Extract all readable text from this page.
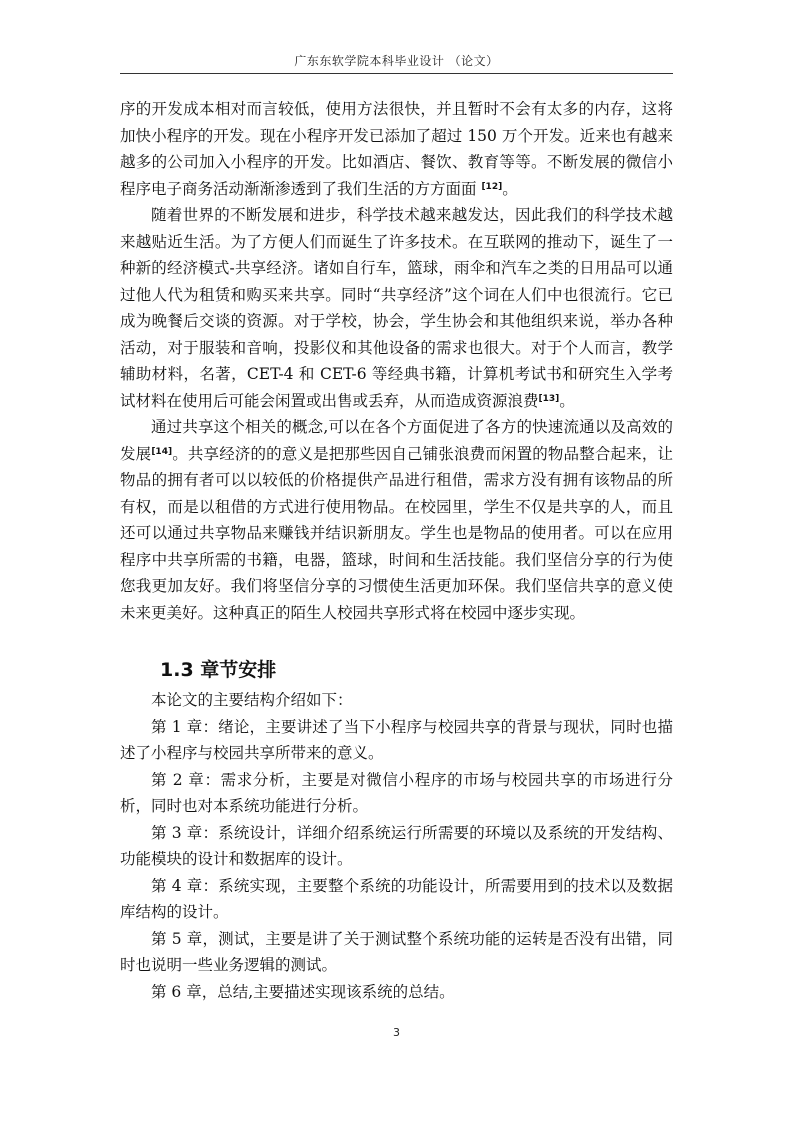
广东东软学院本科毕业设计 （论文）

序的开发成本相对而言较低，使用方法很快，并且暂时不会有太多的内存，这将加快小程序的开发。现在小程序开发已添加了超过 150 万个开发。近来也有越来越多的公司加入小程序的开发。比如酒店、餐饮、教育等等。不断发展的微信小程序电子商务活动渐渐渗透到了我们生活的方方面面 [12]。

随着世界的不断发展和进步，科学技术越来越发达，因此我们的科学技术越来越贴近生活。为了方便人们而诞生了许多技术。在互联网的推动下，诞生了一种新的经济模式-共享经济。诸如自行车，篮球，雨伞和汽车之类的日用品可以通过他人代为租赁和购买来共享。同时“共享经济”这个词在人们中也很流行。它已成为晚餐后交谈的资源。对于学校，协会，学生协会和其他组织来说，举办各种活动，对于服装和音响，投影仪和其他设备的需求也很大。对于个人而言，教学辅助材料，名著，CET-4 和 CET-6 等经典书籍，计算机考试书和研究生入学考试材料在使用后可能会闲置或出售或丢弃，从而造成资源浪费[13]。

通过共享这个相关的概念,可以在各个方面促进了各方的快速流通以及高效的发展[14]。共享经济的的意义是把那些因自己铺张浪费而闲置的物品整合起来，让物品的拥有者可以以较低的价格提供产品进行租借，需求方没有拥有该物品的所有权，而是以租借的方式进行使用物品。在校园里，学生不仅是共享的人，而且还可以通过共享物品来赚钱并结识新朋友。学生也是物品的使用者。可以在应用程序中共享所需的书籍，电器，篮球，时间和生活技能。我们坚信分享的行为使您我更加友好。我们将坚信分享的习惯使生活更加环保。我们坚信共享的意义使未来更美好。这种真正的陌生人校园共享形式将在校园中逐步实现。

1.3 章节安排

本论文的主要结构介绍如下：

第 1 章：绪论，主要讲述了当下小程序与校园共享的背景与现状，同时也描述了小程序与校园共享所带来的意义。

第 2 章：需求分析，主要是对微信小程序的市场与校园共享的市场进行分析，同时也对本系统功能进行分析。

第 3 章：系统设计，详细介绍系统运行所需要的环境以及系统的开发结构、功能模块的设计和数据库的设计。

第 4 章：系统实现，主要整个系统的功能设计，所需要用到的技术以及数据库结构的设计。

第 5 章，测试，主要是讲了关于测试整个系统功能的运转是否没有出错，同时也说明一些业务逻辑的测试。

第 6 章，总结,主要描述实现该系统的总结。

3
